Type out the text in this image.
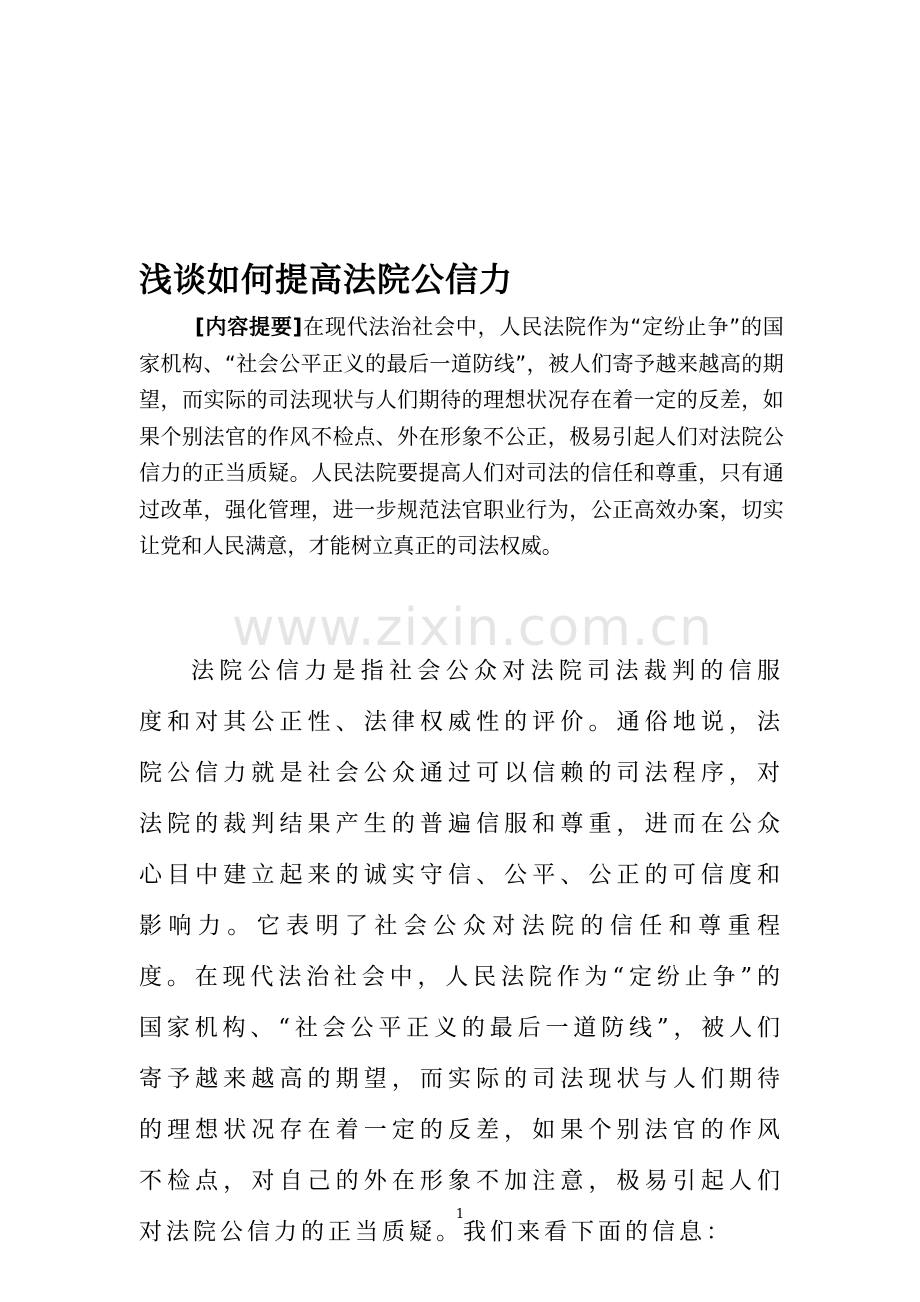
浅谈如何提高法院公信力

[内容提要]在现代法治社会中，人民法院作为“定纷止争”的国家机构、“社会公平正义的最后一道防线”，被人们寄予越来越高的期望，而实际的司法现状与人们期待的理想状况存在着一定的反差，如果个别法官的作风不检点、外在形象不公正，极易引起人们对法院公信力的正当质疑。人民法院要提高人们对司法的信任和尊重，只有通过改革，强化管理，进一步规范法官职业行为，公正高效办案，切实让党和人民满意，才能树立真正的司法权威。

www.zixin.com.cn

法院公信力是指社会公众对法院司法裁判的信服度和对其公正性、法律权威性的评价。通俗地说，法院公信力就是社会公众通过可以信赖的司法程序，对法院的裁判结果产生的普遍信服和尊重，进而在公众心目中建立起来的诚实守信、公平、公正的可信度和影响力。它表明了社会公众对法院的信任和尊重程度。在现代法治社会中，人民法院作为“定纷止争”的国家机构、“社会公平正义的最后一道防线”，被人们寄予越来越高的期望，而实际的司法现状与人们期待的理想状况存在着一定的反差，如果个别法官的作风不检点，对自己的外在形象不加注意，极易引起人们对法院公信力的正当质疑。我们来看下面的信息：

1
